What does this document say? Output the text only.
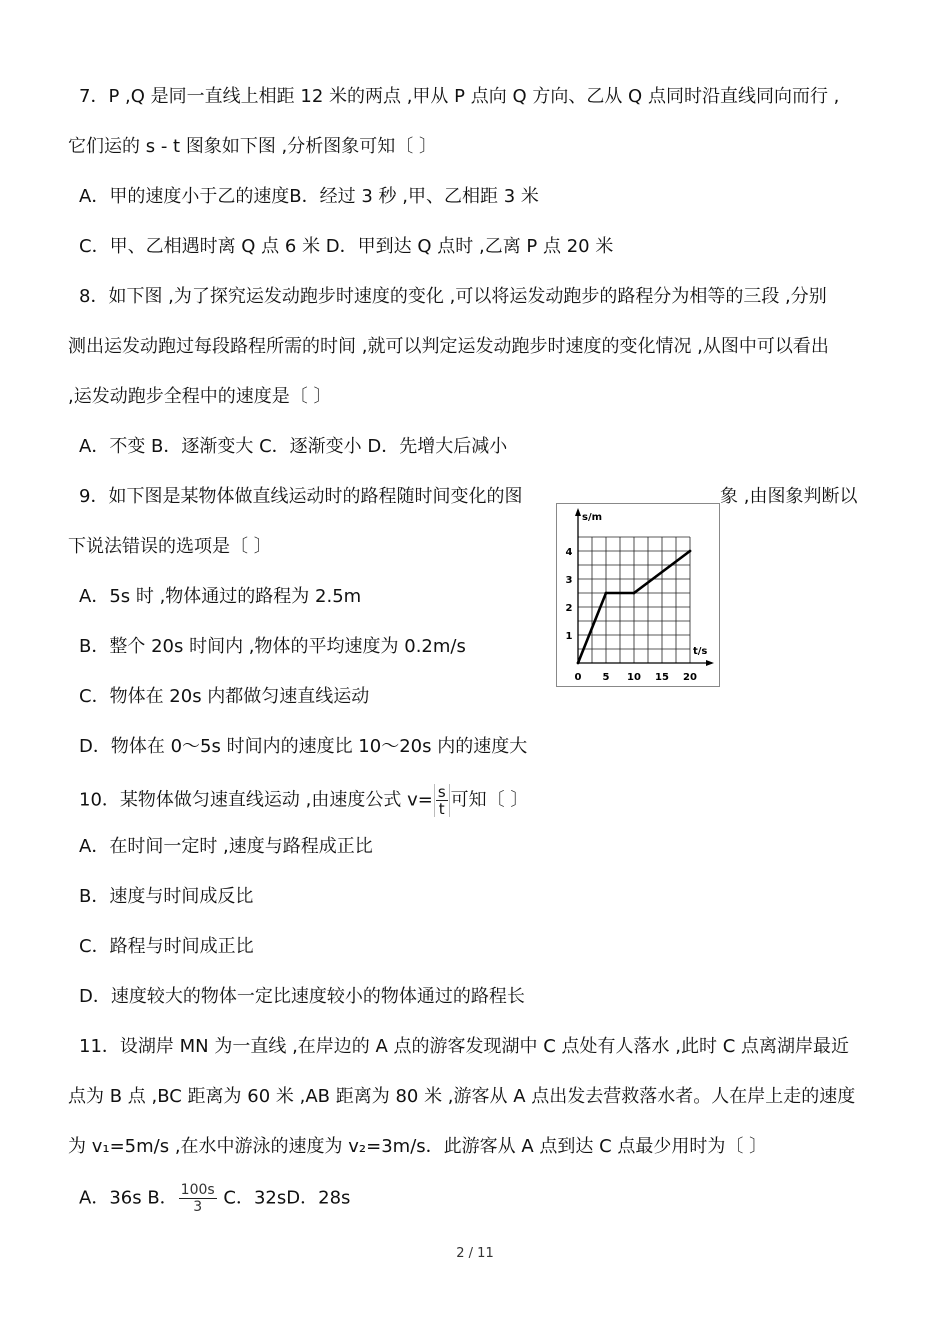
7．P ,Q 是同一直线上相距 12 米的两点 ,甲从 P 点向 Q 方向、乙从 Q 点同时沿直线同向而行 ,
它们运的 s - t 图象如下图 ,分析图象可知〔 〕
A．甲的速度小于乙的速度B．经过 3 秒 ,甲、乙相距 3 米
C．甲、乙相遇时离 Q 点 6 米 D．甲到达 Q 点时 ,乙离 P 点 20 米
8．如下图 ,为了探究运发动跑步时速度的变化 ,可以将运发动跑步的路程分为相等的三段 ,分别
测出运发动跑过每段路程所需的时间 ,就可以判定运发动跑步时速度的变化情况 ,从图中可以看出
,运发动跑步全程中的速度是〔 〕
A．不变 B．逐渐变大 C．逐渐变小 D．先增大后减小
9．如下图是某物体做直线运动时的路程随时间变化的图	象 ,由图象判断以
下说法错误的选项是〔 〕
A．5s 时 ,物体通过的路程为 2.5m
B．整个 20s 时间内 ,物体的平均速度为 0.2m/s
C．物体在 20s 内都做匀速直线运动
D．物体在 0～5s 时间内的速度比 10～20s 内的速度大
s/m
t/s
0 5 10 15 20
1
2
3
4
10．某物体做匀速直线运动 ,由速度公式 $v= \frac{s}{t}$ 可知〔 〕
A．在时间一定时 ,速度与路程成正比
B．速度与时间成反比
C．路程与时间成正比
D．速度较大的物体一定比速度较小的物体通过的路程长
11．设湖岸 MN 为一直线 ,在岸边的 A 点的游客发现湖中 C 点处有人落水 ,此时 C 点离湖岸最近
点为 B 点 ,BC 距离为 60 米 ,AB 距离为 80 米 ,游客从 A 点出发去营救落水者。人在岸上走的速度
为 v₁=5m/s ,在水中游泳的速度为 v₂=3m/s．此游客从 A 点到达 C 点最少用时为〔 〕
A．36s B． $\frac{100s}{3}$ C．32sD．28s
2 / 11
